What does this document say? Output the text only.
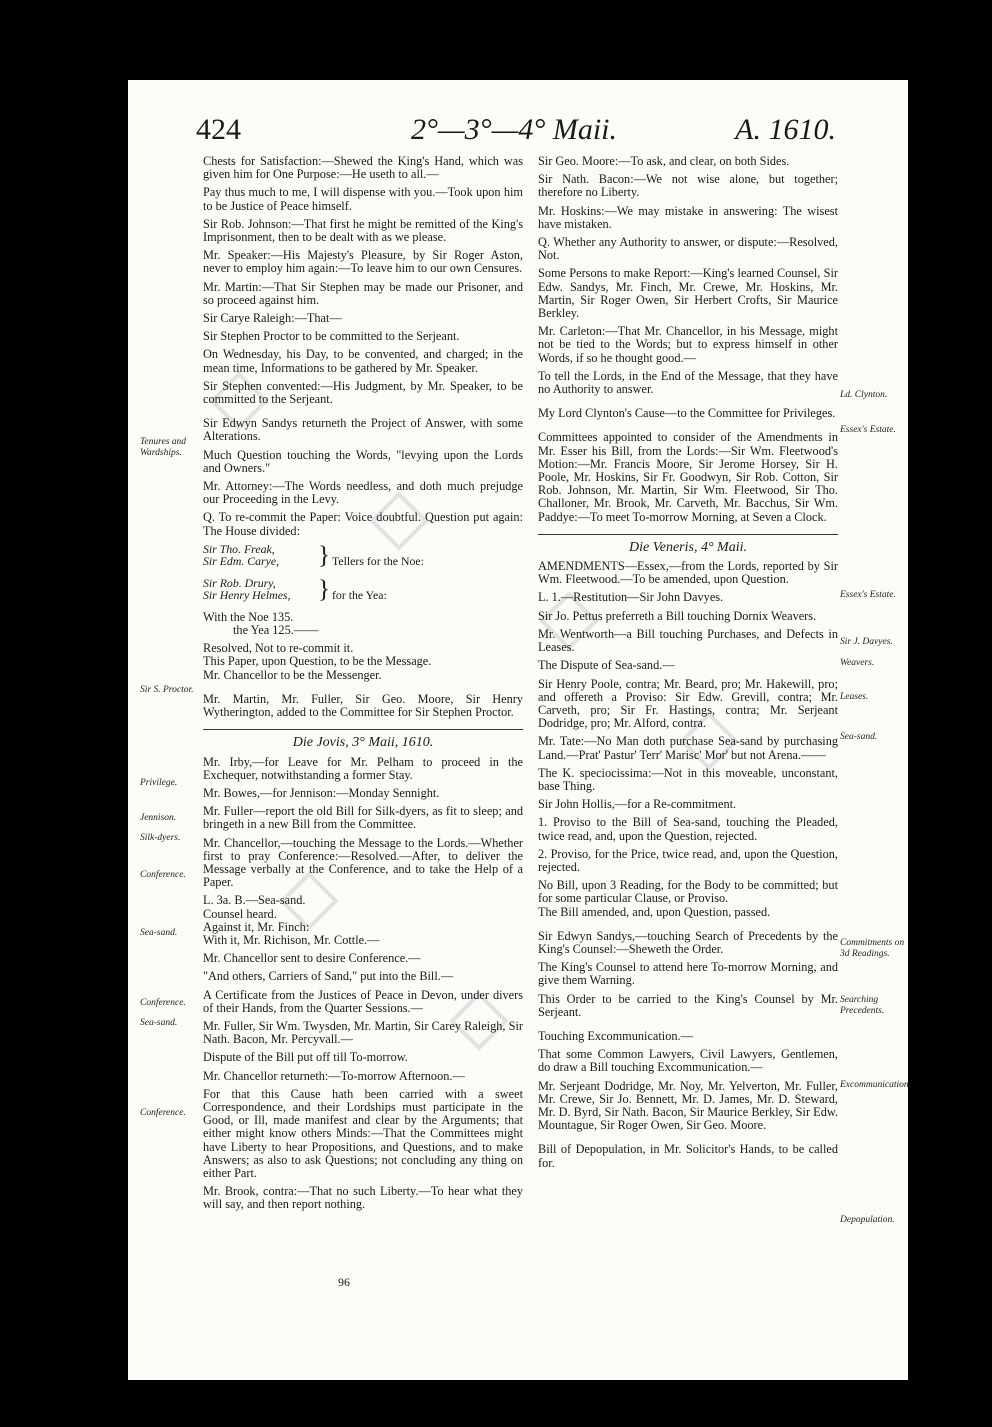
424	2°—3°—4° Maii.	A. 1610.

Chests for Satisfaction:—Shewed the King's Hand, which was given him for One Purpose:—He useth to all.—

Pay thus much to me, I will dispense with you.—Took upon him to be Justice of Peace himself.

Sir Rob. Johnson:—That first he might be remitted of the King's Imprisonment, then to be dealt with as we please.

Mr. Speaker:—His Majesty's Pleasure, by Sir Roger Aston, never to employ him again:—To leave him to our own Censures.

Mr. Martin:—That Sir Stephen may be made our Prisoner, and so proceed against him.

Sir Carye Raleigh:—That—

Sir Stephen Proctor to be committed to the Serjeant.

On Wednesday, his Day, to be convented, and charged; in the mean time, Informations to be gathered by Mr. Speaker.

Sir Stephen convented:—His Judgment, by Mr. Speaker, to be committed to the Serjeant.

Sir Edwyn Sandys returneth the Project of Answer, with some Alterations.

Much Question touching the Words, "levying upon the Lords and Owners."

Mr. Attorney:—The Words needless, and doth much prejudge our Proceeding in the Levy.

Q. To re-commit the Paper: Voice doubtful. Question put again: The House divided:

Sir Tho. Freak,
Sir Edm. Carye,	} Tellers for the Noe:
Sir Rob. Drury,
Sir Henry Helmes,	} for the Yea:

With the Noe 135.

the Yea 125.——

Resolved, Not to re-commit it.

This Paper, upon Question, to be the Message.

Mr. Chancellor to be the Messenger.

Mr. Martin, Mr. Fuller, Sir Geo. Moore, Sir Henry Wytherington, added to the Committee for Sir Stephen Proctor.

Die Jovis, 3° Maii, 1610.

Mr. Irby,—for Leave for Mr. Pelham to proceed in the Exchequer, notwithstanding a former Stay.

Mr. Bowes,—for Jennison:—Monday Sennight.

Mr. Fuller—report the old Bill for Silk-dyers, as fit to sleep; and bringeth in a new Bill from the Committee.

Mr. Chancellor,—touching the Message to the Lords.—Whether first to pray Conference:—Resolved.—After, to deliver the Message verbally at the Conference, and to take the Help of a Paper.

L. 3a. B.—Sea-sand.

Counsel heard.

Against it, Mr. Finch:

With it, Mr. Richison, Mr. Cottle.—

Mr. Chancellor sent to desire Conference.—

"And others, Carriers of Sand," put into the Bill.—

A Certificate from the Justices of Peace in Devon, under divers of their Hands, from the Quarter Sessions.—

Mr. Fuller, Sir Wm. Twysden, Mr. Martin, Sir Carey Raleigh, Sir Nath. Bacon, Mr. Percyvall.—

Dispute of the Bill put off till To-morrow.

Mr. Chancellor returneth:—To-morrow Afternoon.—

For that this Cause hath been carried with a sweet Correspondence, and their Lordships must participate in the Good, or Ill, made manifest and clear by the Arguments; that either might know others Minds:—That the Committees might have Liberty to hear Propositions, and Questions, and to make Answers; as also to ask Questions; not concluding any thing on either Part.

Mr. Brook, contra:—That no such Liberty.—To hear what they will say, and then report nothing.

Sir Geo. Moore:—To ask, and clear, on both Sides.

Sir Nath. Bacon:—We not wise alone, but together; therefore no Liberty.

Mr. Hoskins:—We may mistake in answering: The wisest have mistaken.

Q. Whether any Authority to answer, or dispute:—Resolved, Not.

Some Persons to make Report:—King's learned Counsel, Sir Edw. Sandys, Mr. Finch, Mr. Crewe, Mr. Hoskins, Mr. Martin, Sir Roger Owen, Sir Herbert Crofts, Sir Maurice Berkley.

Mr. Carleton:—That Mr. Chancellor, in his Message, might not be tied to the Words; but to express himself in other Words, if so he thought good.—

To tell the Lords, in the End of the Message, that they have no Authority to answer.

My Lord Clynton's Cause—to the Committee for Privileges.

Committees appointed to consider of the Amendments in Mr. Esser his Bill, from the Lords:—Sir Wm. Fleetwood's Motion:—Mr. Francis Moore, Sir Jerome Horsey, Sir H. Poole, Mr. Hoskins, Sir Fr. Goodwyn, Sir Rob. Cotton, Sir Rob. Johnson, Mr. Martin, Sir Wm. Fleetwood, Sir Tho. Challoner, Mr. Brook, Mr. Carveth, Mr. Bacchus, Sir Wm. Paddye:—To meet To-morrow Morning, at Seven a Clock.

Die Veneris, 4° Maii.

AMENDMENTS—Essex,—from the Lords, reported by Sir Wm. Fleetwood.—To be amended, upon Question.

L. 1.—Restitution—Sir John Davyes.

Sir Jo. Pettus preferreth a Bill touching Dornix Weavers.

Mr. Wentworth—a Bill touching Purchases, and Defects in Leases.

The Dispute of Sea-sand.—

Sir Henry Poole, contra; Mr. Beard, pro; Mr. Hakewill, pro; and offereth a Proviso: Sir Edw. Grevill, contra; Mr. Carveth, pro; Sir Fr. Hastings, contra; Mr. Serjeant Dodridge, pro; Mr. Alford, contra.

Mr. Tate:—No Man doth purchase Sea-sand by purchasing Land.—Prat' Pastur' Terr' Marisc' Mor' but not Arena.——

The K. speciocissima:—Not in this moveable, unconstant, base Thing.

Sir John Hollis,—for a Re-commitment.

1. Proviso to the Bill of Sea-sand, touching the Pleaded, twice read, and, upon the Question, rejected.

2. Proviso, for the Price, twice read, and, upon the Question, rejected.

No Bill, upon 3 Reading, for the Body to be committed; but for some particular Clause, or Proviso.

The Bill amended, and, upon Question, passed.

Sir Edwyn Sandys,—touching Search of Precedents by the King's Counsel:—Sheweth the Order.

The King's Counsel to attend here To-morrow Morning, and give them Warning.

This Order to be carried to the King's Counsel by Mr. Serjeant.

Touching Excommunication.—

That some Common Lawyers, Civil Lawyers, Gentlemen, do draw a Bill touching Excommunication.—

Mr. Serjeant Dodridge, Mr. Noy, Mr. Yelverton, Mr. Fuller, Mr. Crewe, Sir Jo. Bennett, Mr. D. James, Mr. D. Steward, Mr. D. Byrd, Sir Nath. Bacon, Sir Maurice Berkley, Sir Edw. Mountague, Sir Roger Owen, Sir Geo. Moore.

Bill of Depopulation, in Mr. Solicitor's Hands, to be called for.

Tenures and Wardships.
Sir S. Proctor.
Privilege.
Jennison.
Silk-dyers.
Conference.
Sea-sand.
Conference.
Sea-sand.
Conference.
Ld. Clynton.
Essex's Estate.
Essex's Estate.
Sir J. Davyes.
Weavers.
Leases.
Sea-sand.
Commitments on 3d Readings.
Searching Precedents.
Excommunication.
Depopulation.
96
